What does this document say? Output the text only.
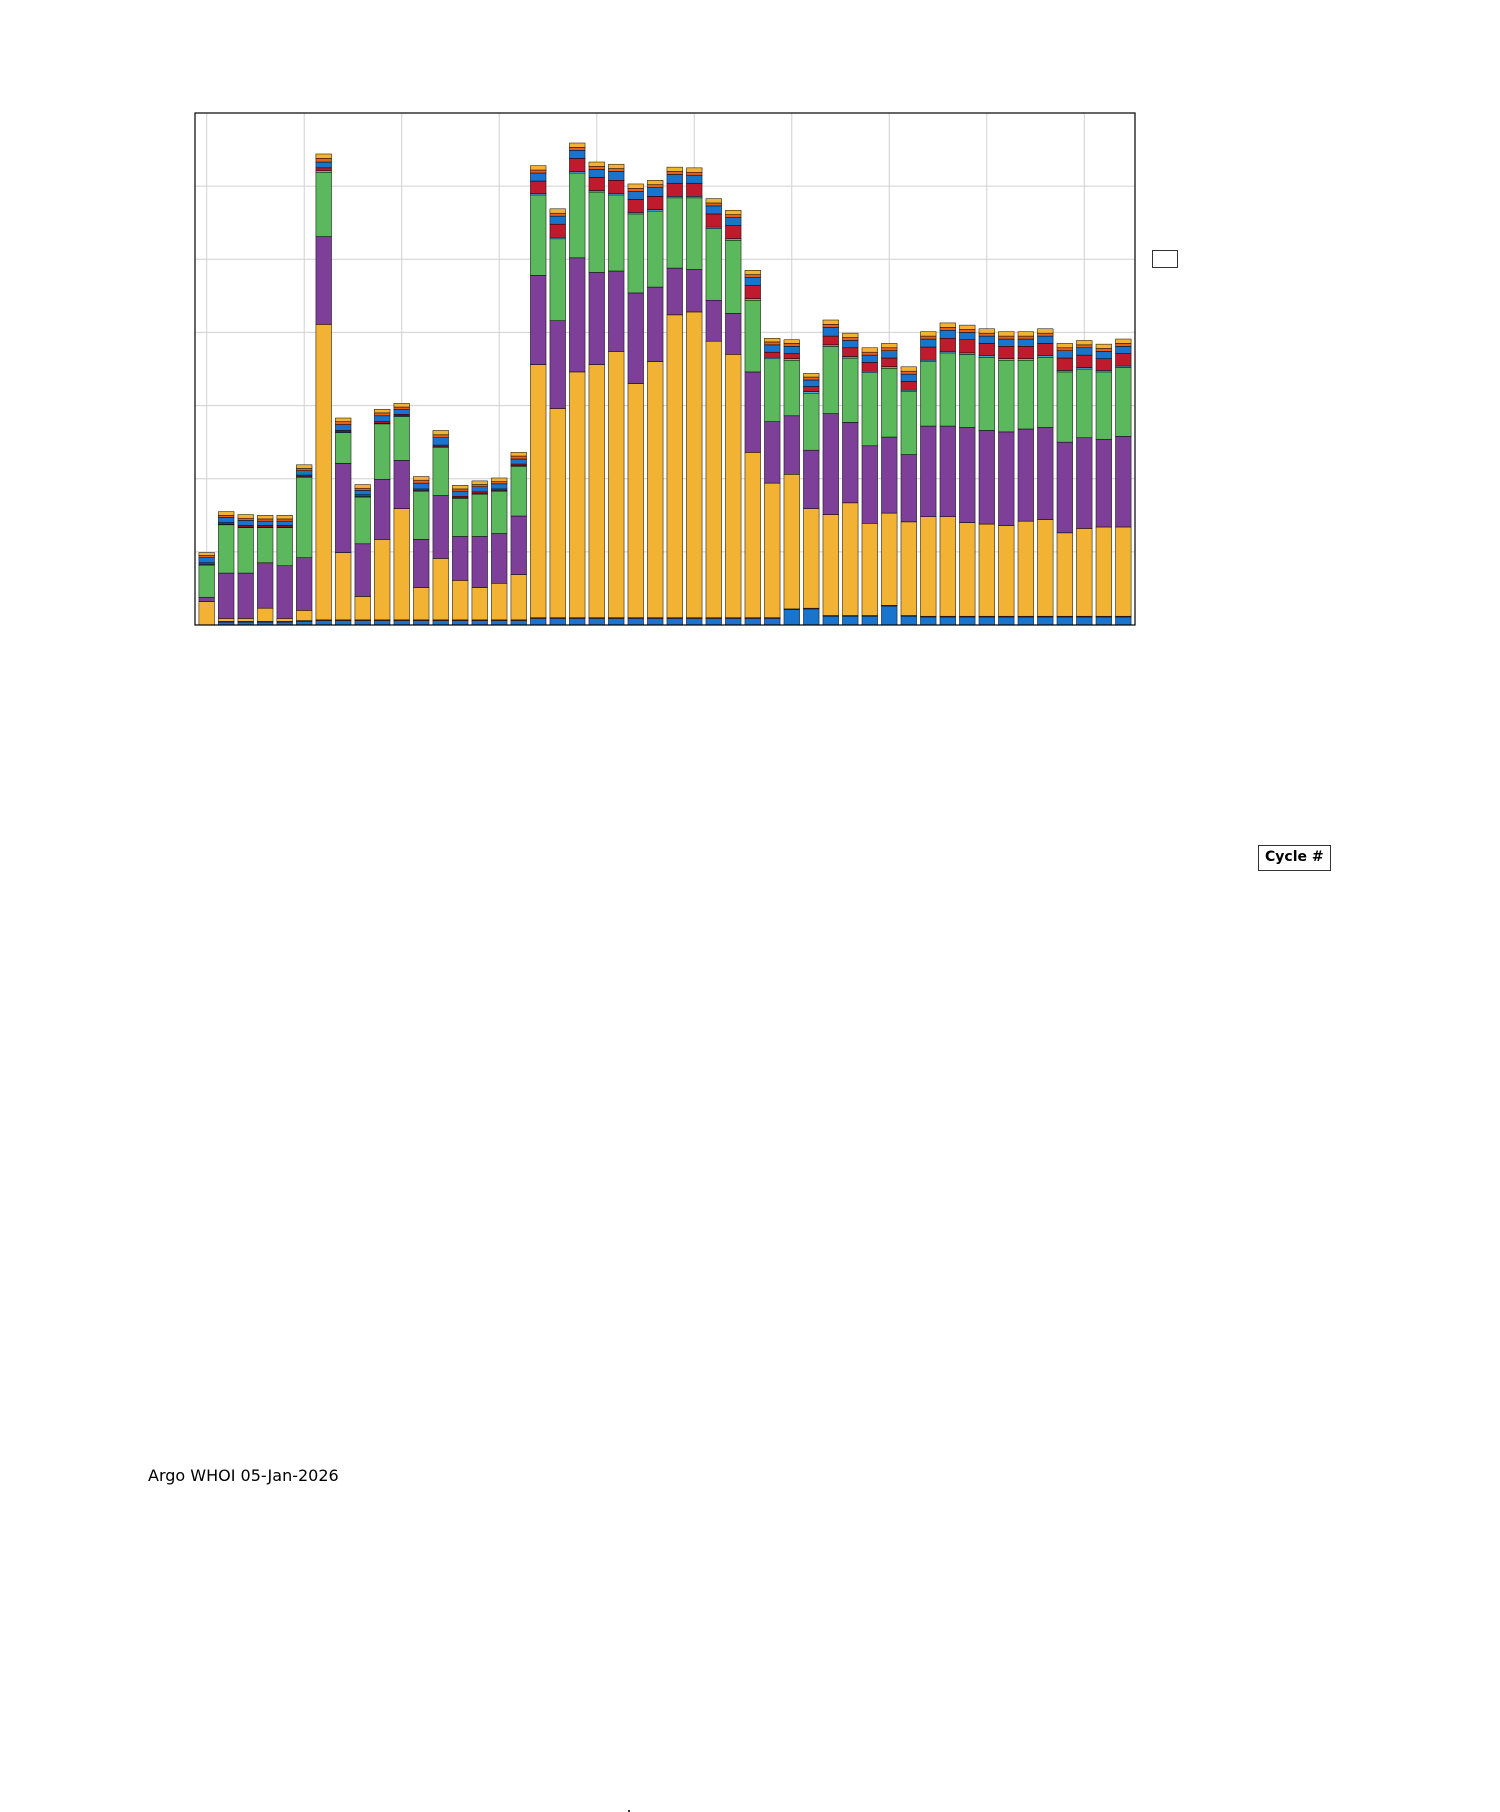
Cycle #
Argo WHOI 05-Jan-2026
